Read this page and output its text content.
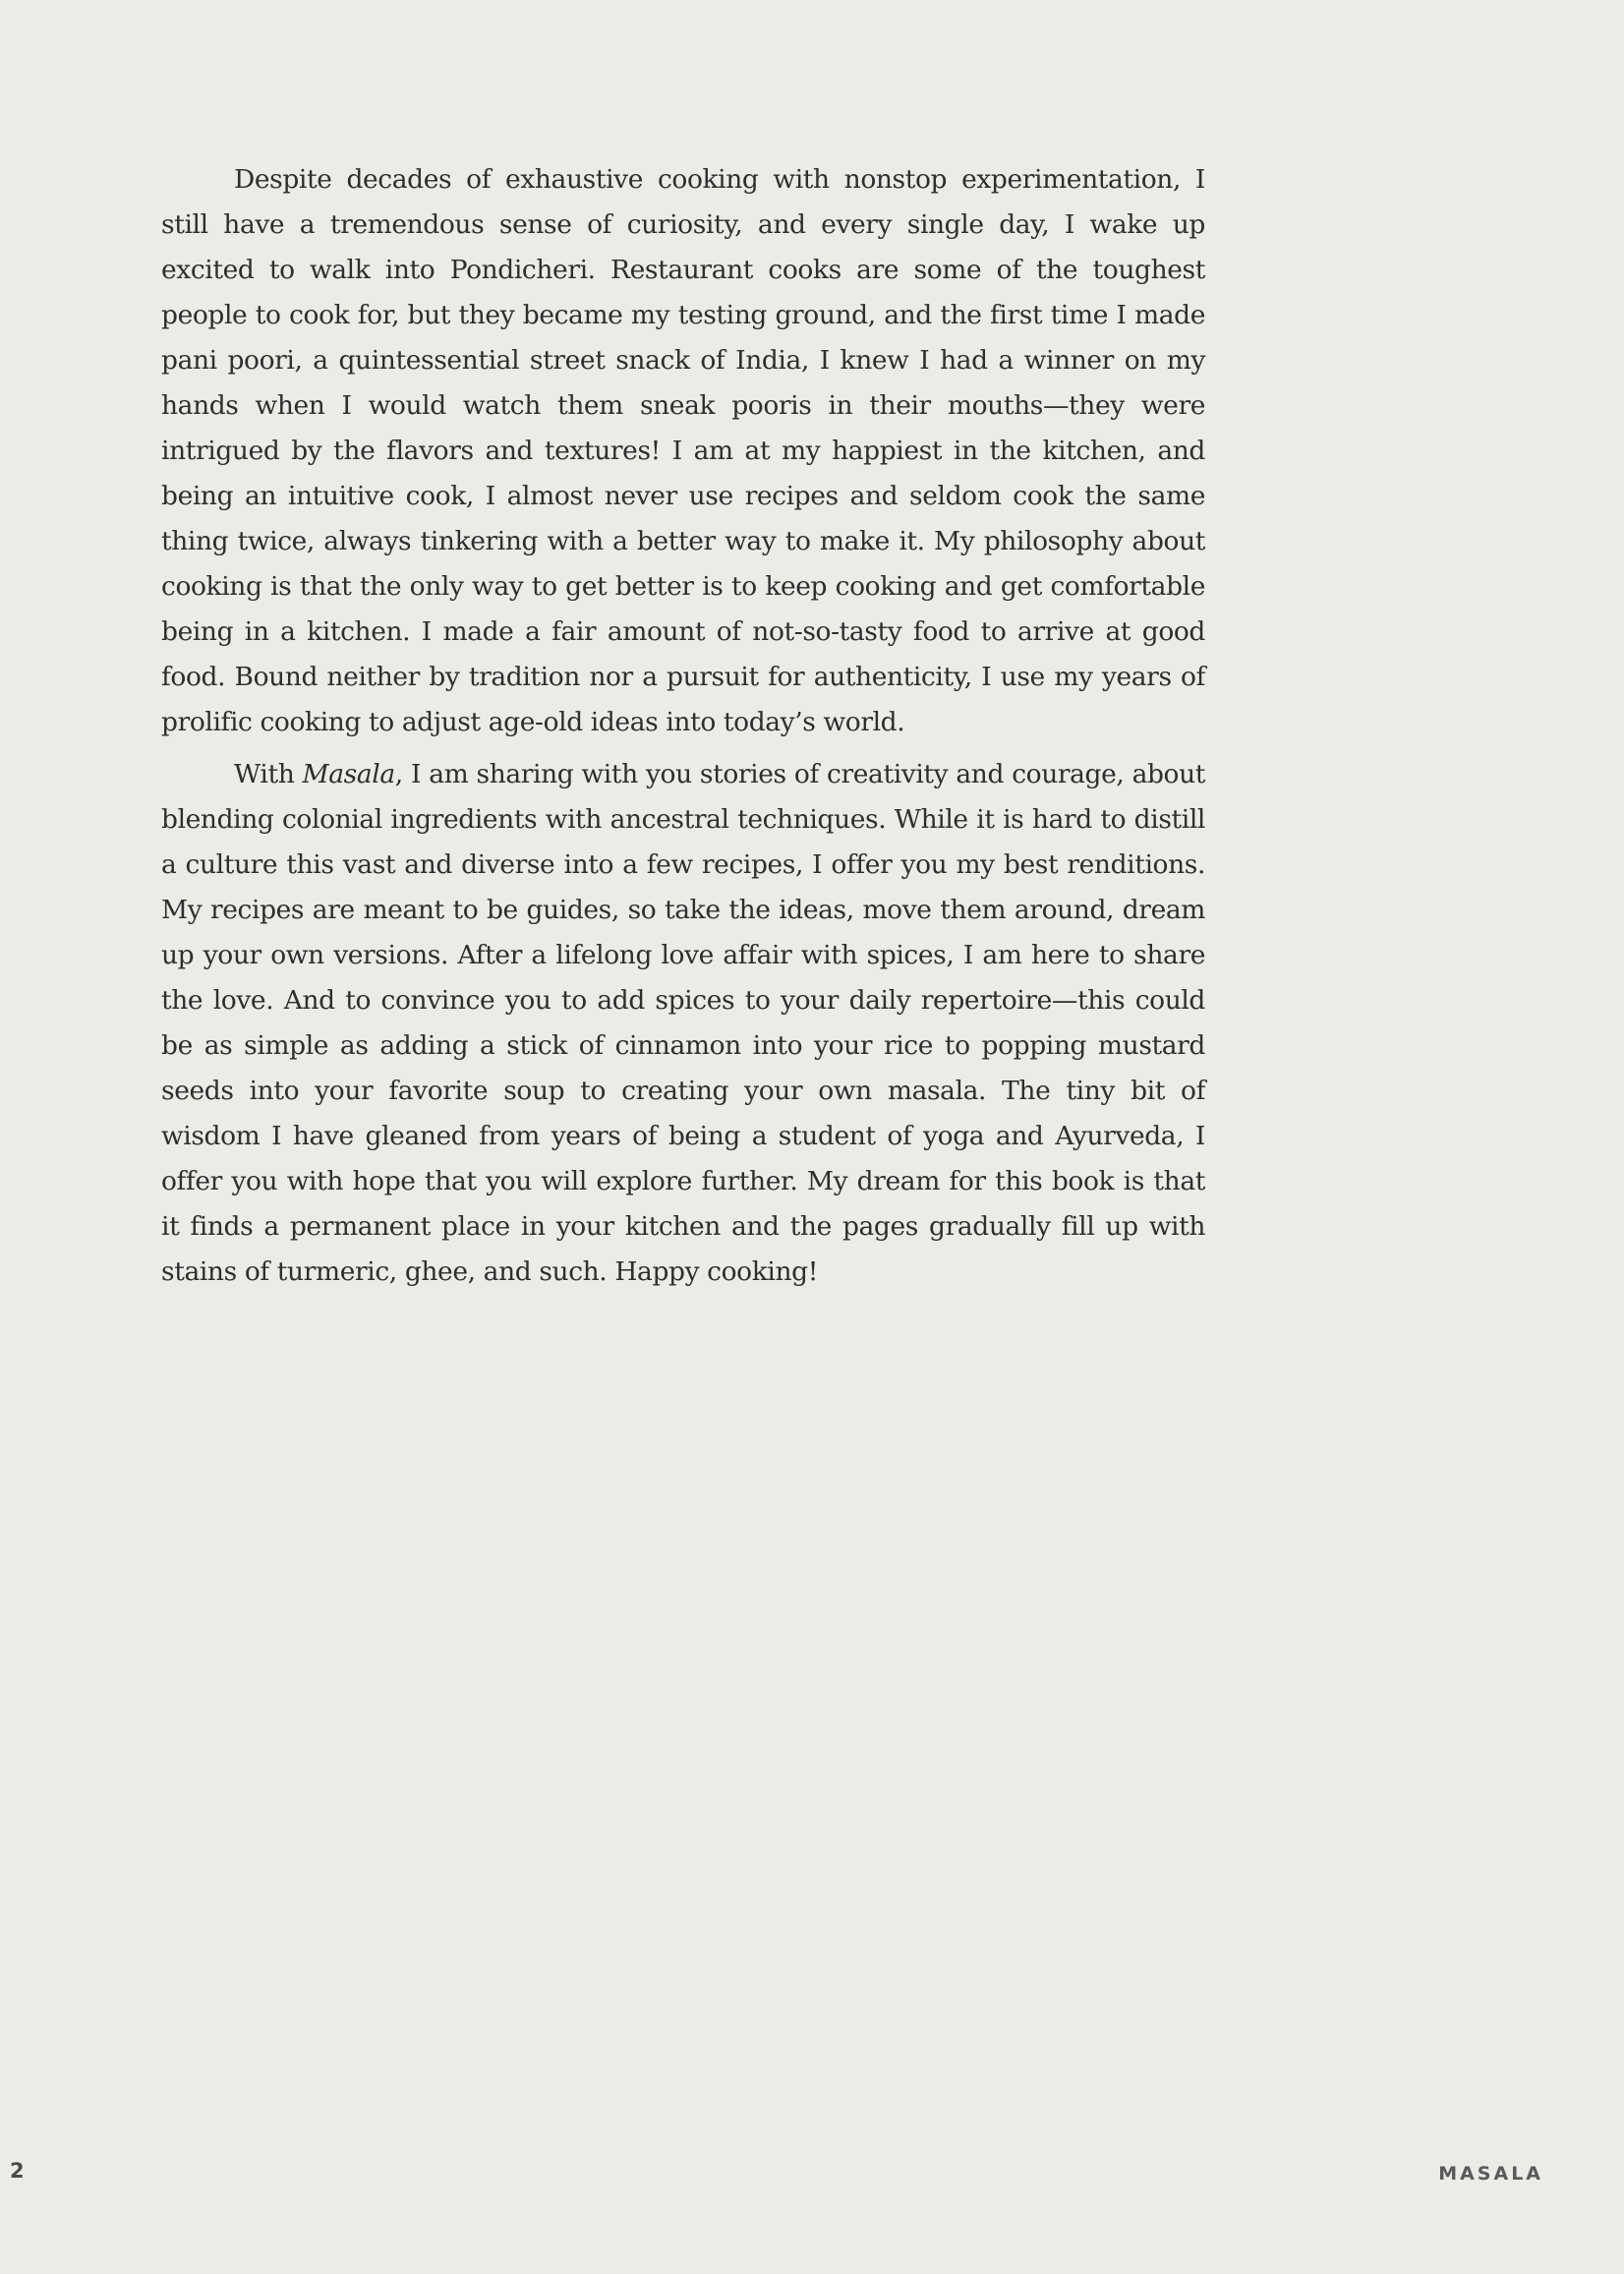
Despite decades of exhaustive cooking with nonstop experimentation, I still have a tremendous sense of curiosity, and every single day, I wake up excited to walk into Pondicheri. Restaurant cooks are some of the toughest people to cook for, but they became my testing ground, and the first time I made pani poori, a quintessential street snack of India, I knew I had a winner on my hands when I would watch them sneak pooris in their mouths—they were intrigued by the flavors and textures! I am at my happiest in the kitchen, and being an intuitive cook, I almost never use recipes and seldom cook the same thing twice, always tinkering with a better way to make it. My philosophy about cooking is that the only way to get better is to keep cooking and get comfortable being in a kitchen. I made a fair amount of not-so-tasty food to arrive at good food. Bound neither by tradition nor a pursuit for authenticity, I use my years of prolific cooking to adjust age-old ideas into today’s world.

With Masala, I am sharing with you stories of creativity and courage, about blending colonial ingredients with ancestral techniques. While it is hard to distill a culture this vast and diverse into a few recipes, I offer you my best renditions. My recipes are meant to be guides, so take the ideas, move them around, dream up your own versions. After a lifelong love affair with spices, I am here to share the love. And to convince you to add spices to your daily repertoire—this could be as simple as adding a stick of cinnamon into your rice to popping mustard seeds into your favorite soup to creating your own masala. The tiny bit of wisdom I have gleaned from years of being a student of yoga and Ayurveda, I offer you with hope that you will explore further. My dream for this book is that it finds a permanent place in your kitchen and the pages gradually fill up with stains of turmeric, ghee, and such. Happy cooking!

2	MASALA
